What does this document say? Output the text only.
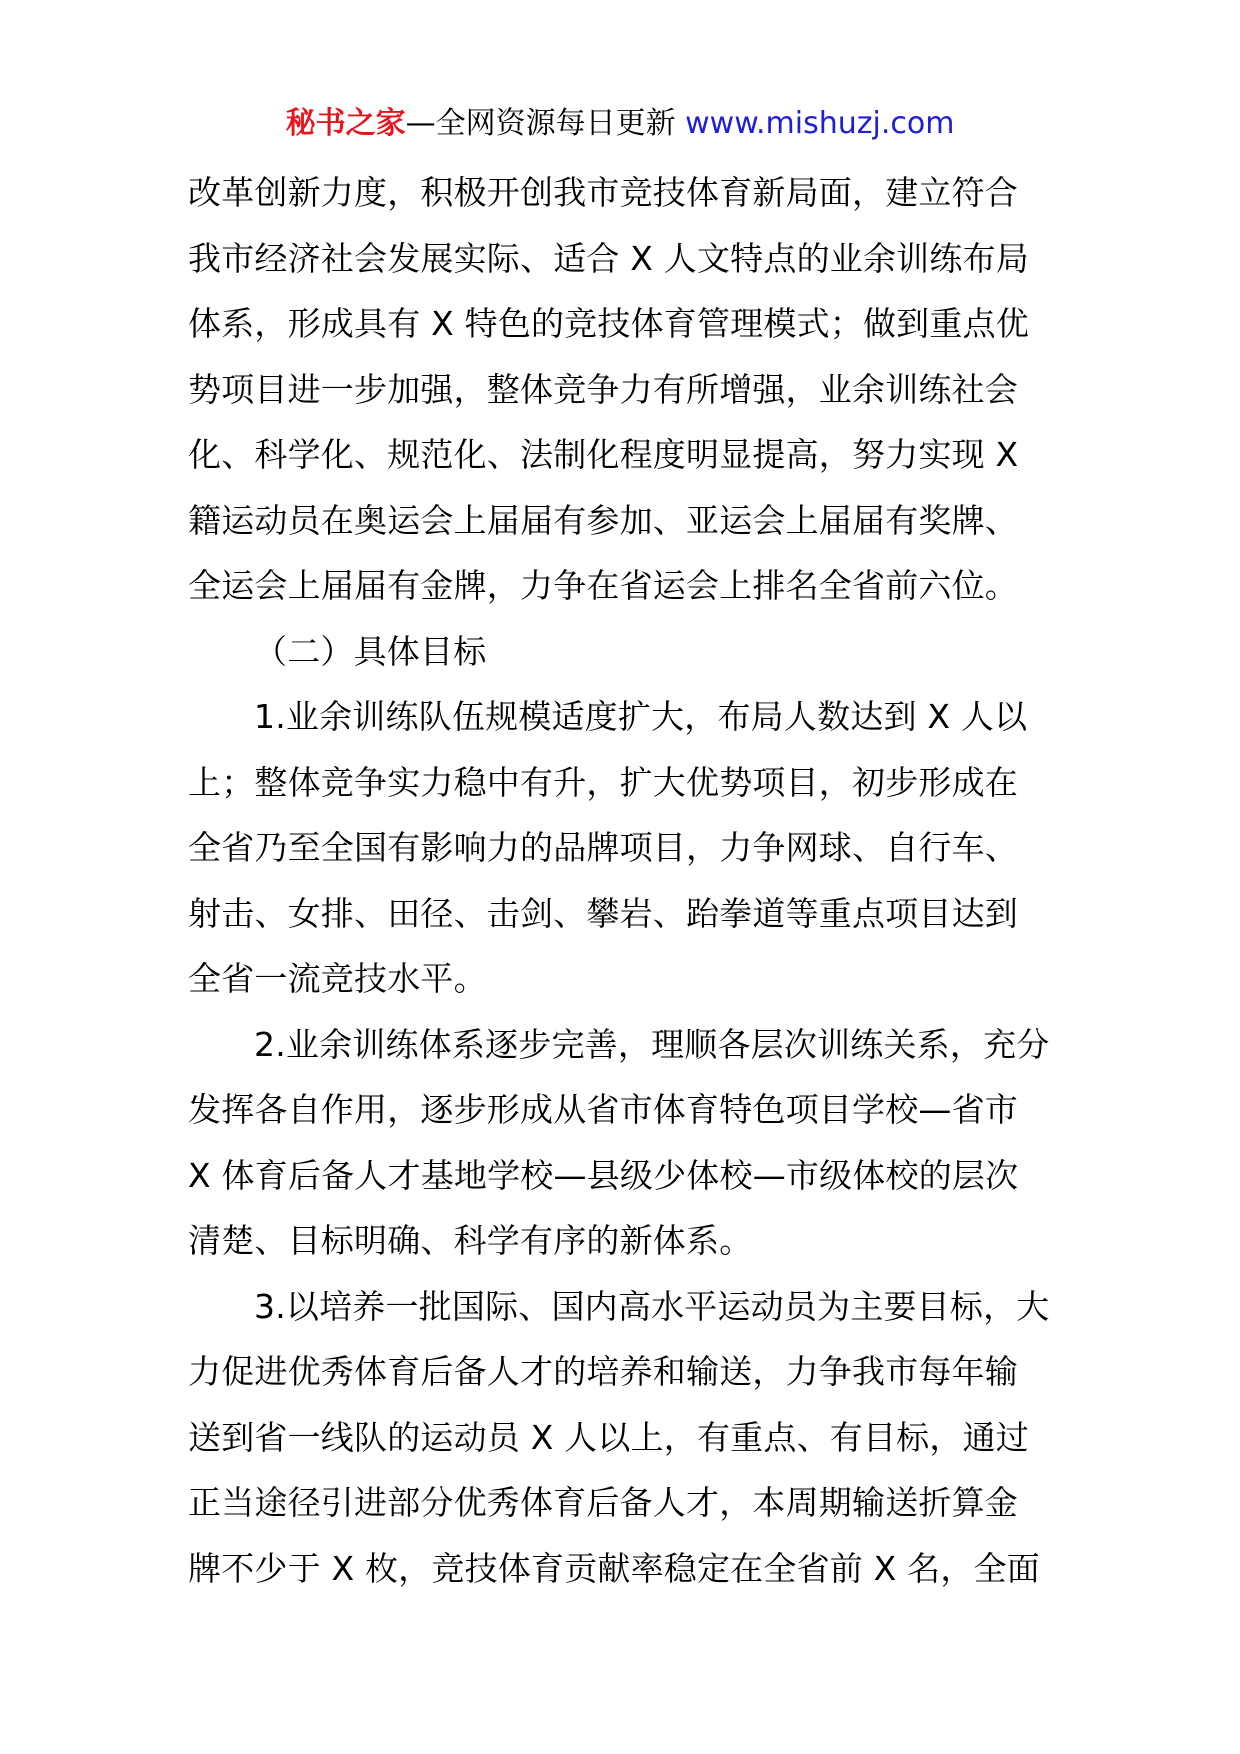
秘书之家—全网资源每日更新 www.mishuzj.com

改革创新力度，积极开创我市竞技体育新局面，建立符合

我市经济社会发展实际、适合 X 人文特点的业余训练布局

体系，形成具有 X 特色的竞技体育管理模式；做到重点优

势项目进一步加强，整体竞争力有所增强，业余训练社会

化、科学化、规范化、法制化程度明显提高，努力实现 X

籍运动员在奥运会上届届有参加、亚运会上届届有奖牌、

全运会上届届有金牌，力争在省运会上排名全省前六位。

（二）具体目标

1.业余训练队伍规模适度扩大，布局人数达到 X 人以

上；整体竞争实力稳中有升，扩大优势项目，初步形成在

全省乃至全国有影响力的品牌项目，力争网球、自行车、

射击、女排、田径、击剑、攀岩、跆拳道等重点项目达到

全省一流竞技水平。

2.业余训练体系逐步完善，理顺各层次训练关系，充分

发挥各自作用，逐步形成从省市体育特色项目学校—省市

X 体育后备人才基地学校—县级少体校—市级体校的层次

清楚、目标明确、科学有序的新体系。

3.以培养一批国际、国内高水平运动员为主要目标，大

力促进优秀体育后备人才的培养和输送，力争我市每年输

送到省一线队的运动员 X 人以上，有重点、有目标，通过

正当途径引进部分优秀体育后备人才，本周期输送折算金

牌不少于 X 枚，竞技体育贡献率稳定在全省前 X 名，全面
